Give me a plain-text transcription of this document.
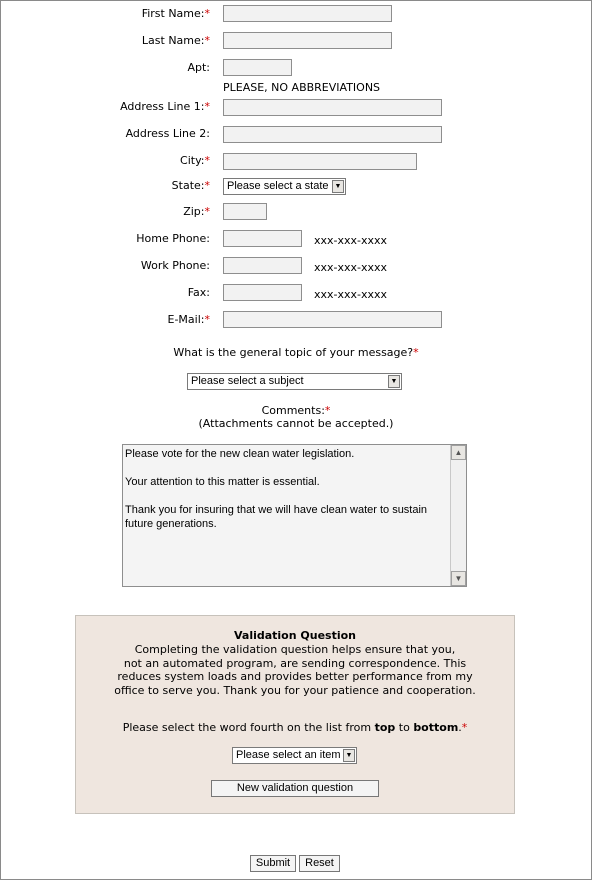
First Name:*
Last Name:*
Apt:
PLEASE, NO ABBREVIATIONS
Address Line 1:*
Address Line 2:
City:*
State:*	Please select a state ▼
Zip:*
Home Phone:	xxx-xxx-xxxx
Work Phone:	xxx-xxx-xxxx
Fax:	xxx-xxx-xxxx
E-Mail:*
What is the general topic of your message?*
Please select a subject	▼
Comments:*
(Attachments cannot be accepted.)

Please vote for the new clean water legislation.

Your attention to this matter is essential.

Thank you for insuring that we will have clean water to sustain future generations.

▲
▼
Validation Question
Completing the validation question helps ensure that you,
not an automated program, are sending correspondence. This
reduces system loads and provides better performance from my
office to serve you. Thank you for your patience and cooperation.
Please select the word fourth on the list from top to bottom.*
Please select an item ▼
New validation question
Submit	Reset
